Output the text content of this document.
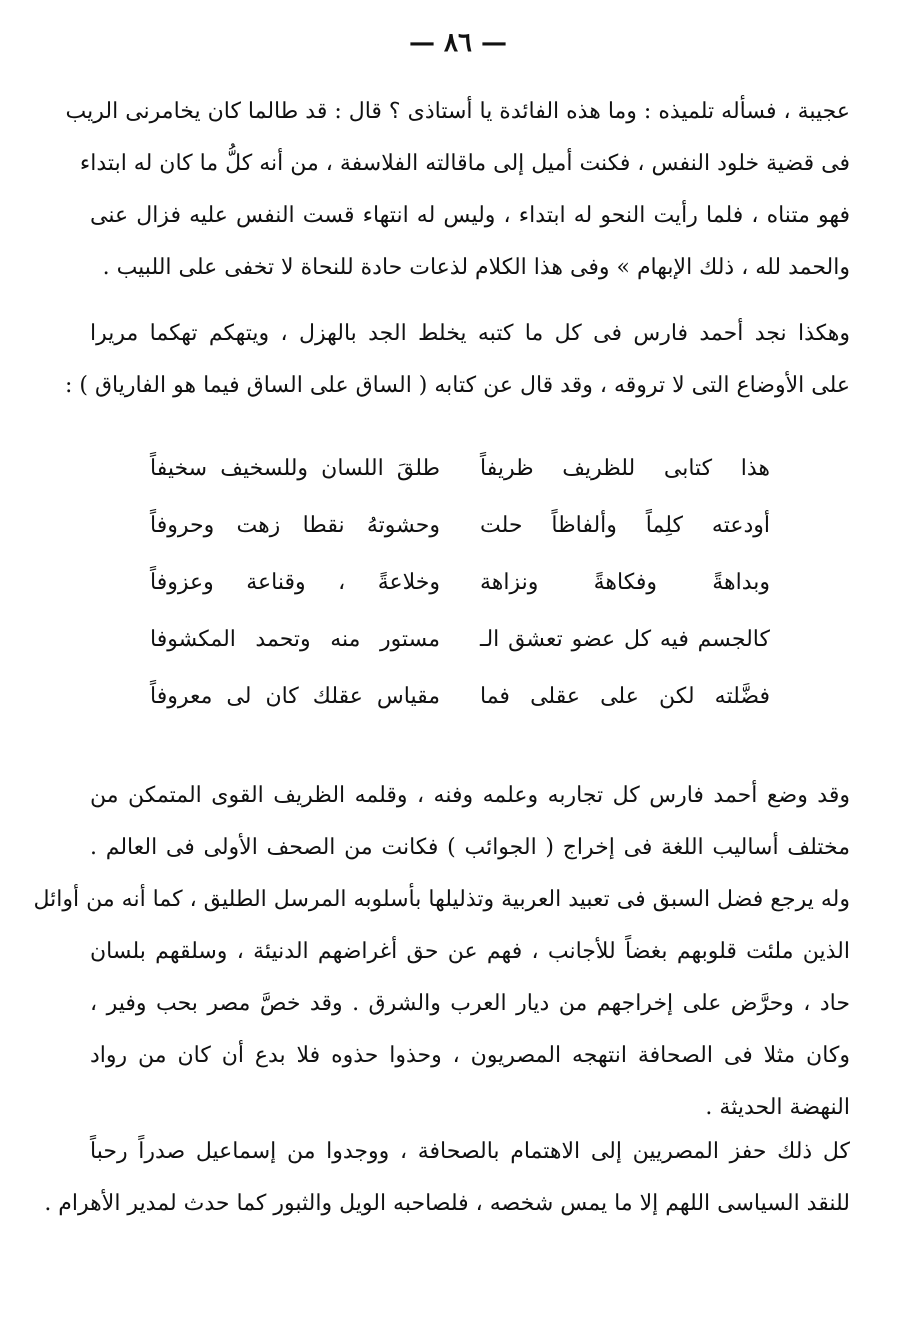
— ٨٦ —
عجيبة ، فسأله تلميذه : وما هذه الفائدة يا أستاذى ؟ قال : قد طالما كان يخامرنى الريب
فى قضية خلود النفس ، فكنت أميل إلى ماقالته الفلاسفة ، من أنه كلُّ ما كان له ابتداء
فهو متناه ، فلما رأيت النحو له ابتداء ، وليس له انتهاء قست النفس عليه فزال عنى
والحمد لله ، ذلك الإبهام » وفى هذا الكلام لذعات حادة للنحاة لا تخفى على اللبيب .
وهكذا نجد أحمد فارس فى كل ما كتبه يخلط الجد بالهزل ، ويتهكم تهكما مريرا
على الأوضاع التى لا تروقه ، وقد قال عن كتابه ( الساق على الساق فيما هو الفارياق ) :
هذا كتابى للظريف ظريفاً
طلقَ اللسان وللسخيف سخيفاً
أودعته كلِماً وألفاظاً حلت
وحشوتهُ نقطا زهت وحروفاً
وبداهةً وفكاهةً ونزاهة
وخلاعةً ، وقناعة وعزوفاً
كالجسم فيه كل عضو تعشق الـ
مستور منه وتحمد المكشوفا
فضَّلته لكن على عقلى فما
مقياس عقلك كان لى معروفاً
وقد وضع أحمد فارس كل تجاربه وعلمه وفنه ، وقلمه الظريف القوى المتمكن من
مختلف أساليب اللغة فى إخراج ( الجوائب ) فكانت من الصحف الأولى فى العالم .
وله يرجع فضل السبق فى تعبيد العربية وتذليلها بأسلوبه المرسل الطليق ، كما أنه من أوائل
الذين ملئت قلوبهم بغضاً للأجانب ، فهم عن حق أغراضهم الدنيئة ، وسلقهم بلسان
حاد ، وحرَّض على إخراجهم من ديار العرب والشرق . وقد خصَّ مصر بحب وفير ،
وكان مثلا فى الصحافة انتهجه المصريون ، وحذوا حذوه فلا بدع أن كان من رواد
النهضة الحديثة .
كل ذلك حفز المصريين إلى الاهتمام بالصحافة ، ووجدوا من إسماعيل صدراً رحباً
للنقد السياسى اللهم إلا ما يمس شخصه ، فلصاحبه الويل والثبور كما حدث لمدير الأهرام .
